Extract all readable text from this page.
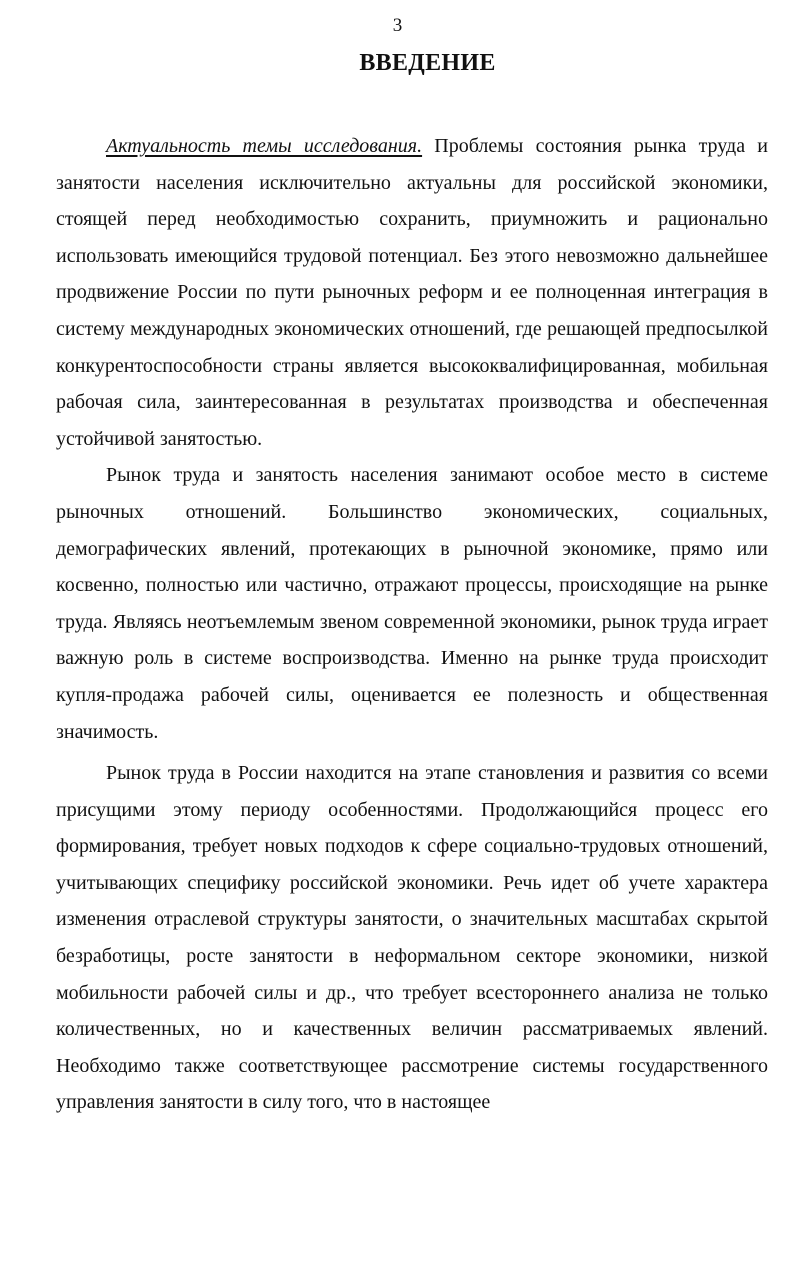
3
ВВЕДЕНИЕ

Актуальность темы исследования. Проблемы состояния рынка труда и занятости населения исключительно актуальны для российской экономики, стоящей перед необходимостью сохранить, приумножить и рационально использовать имеющийся трудовой потенциал. Без этого невозможно дальнейшее продвижение России по пути рыночных реформ и ее полноценная интеграция в систему международных экономических отношений, где решающей предпосылкой конкурентоспособности страны является высококвалифицированная, мобильная рабочая сила, заинтересованная в результатах производства и обеспеченная устойчивой занятостью.

Рынок труда и занятость населения занимают особое место в системе рыночных отношений. Большинство экономических, социальных, демографических явлений, протекающих в рыночной экономике, прямо или косвенно, полностью или частично, отражают процессы, происходящие на рынке труда. Являясь неотъемлемым звеном современной экономики, рынок труда играет важную роль в системе воспроизводства. Именно на рынке труда происходит купля-продажа рабочей силы, оценивается ее полезность и общественная значимость.

Рынок труда в России находится на этапе становления и развития со всеми присущими этому периоду особенностями. Продолжающийся процесс его формирования, требует новых подходов к сфере социально-трудовых отношений, учитывающих специфику российской экономики. Речь идет об учете характера изменения отраслевой структуры занятости, о значительных масштабах скрытой безработицы, росте занятости в неформальном секторе экономики, низкой мобильности рабочей силы и др., что требует всестороннего анализа не только количественных, но и качественных величин рассматриваемых явлений. Необходимо также соответствующее рассмотрение системы государственного управления занятости в силу того, что в настоящее
